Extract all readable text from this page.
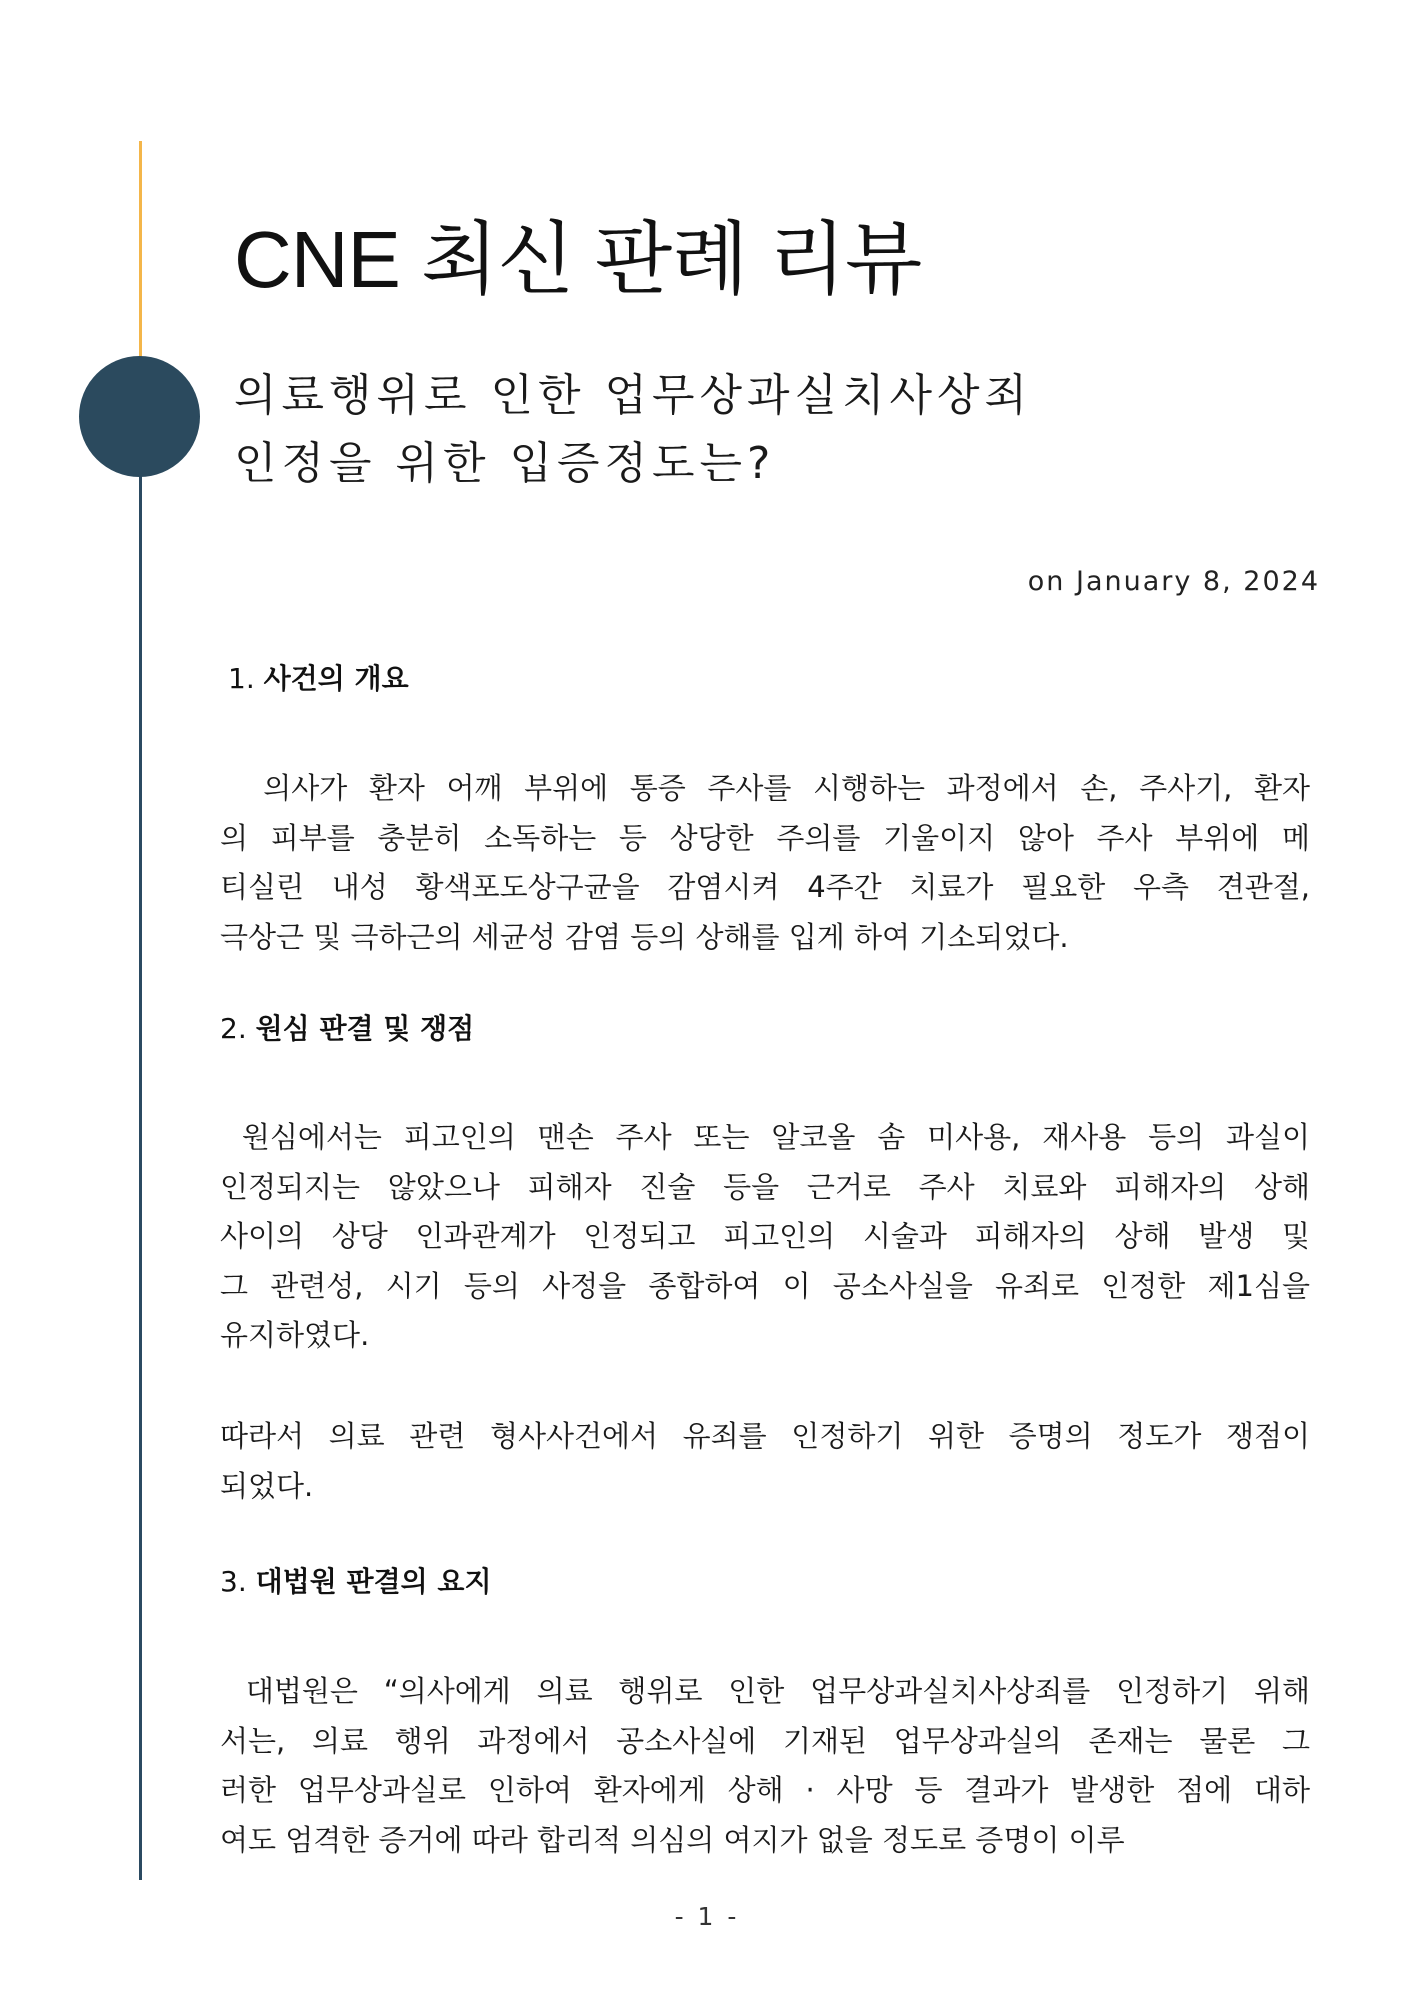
CNE 최신 판례 리뷰
의료행위로 인한 업무상과실치사상죄
인정을 위한 입증정도는?
on January 8, 2024
1. 사건의 개요
의사가 환자 어깨 부위에 통증 주사를 시행하는 과정에서 손, 주사기, 환자
의 피부를 충분히 소독하는 등 상당한 주의를 기울이지 않아 주사 부위에 메
티실린 내성 황색포도상구균을 감염시켜 4주간 치료가 필요한 우측 견관절,
극상근 및 극하근의 세균성 감염 등의 상해를 입게 하여 기소되었다.
2. 원심 판결 및 쟁점
원심에서는 피고인의 맨손 주사 또는 알코올 솜 미사용, 재사용 등의 과실이
인정되지는 않았으나 피해자 진술 등을 근거로 주사 치료와 피해자의 상해
사이의 상당 인과관계가 인정되고 피고인의 시술과 피해자의 상해 발생 및
그 관련성, 시기 등의 사정을 종합하여 이 공소사실을 유죄로 인정한 제1심을
유지하였다.
따라서 의료 관련 형사사건에서 유죄를 인정하기 위한 증명의 정도가 쟁점이
되었다.
3. 대법원 판결의 요지
대법원은 “의사에게 의료 행위로 인한 업무상과실치사상죄를 인정하기 위해
서는, 의료 행위 과정에서 공소사실에 기재된 업무상과실의 존재는 물론 그
러한 업무상과실로 인하여 환자에게 상해 · 사망 등 결과가 발생한 점에 대하
여도 엄격한 증거에 따라 합리적 의심의 여지가 없을 정도로 증명이 이루
- 1 -
